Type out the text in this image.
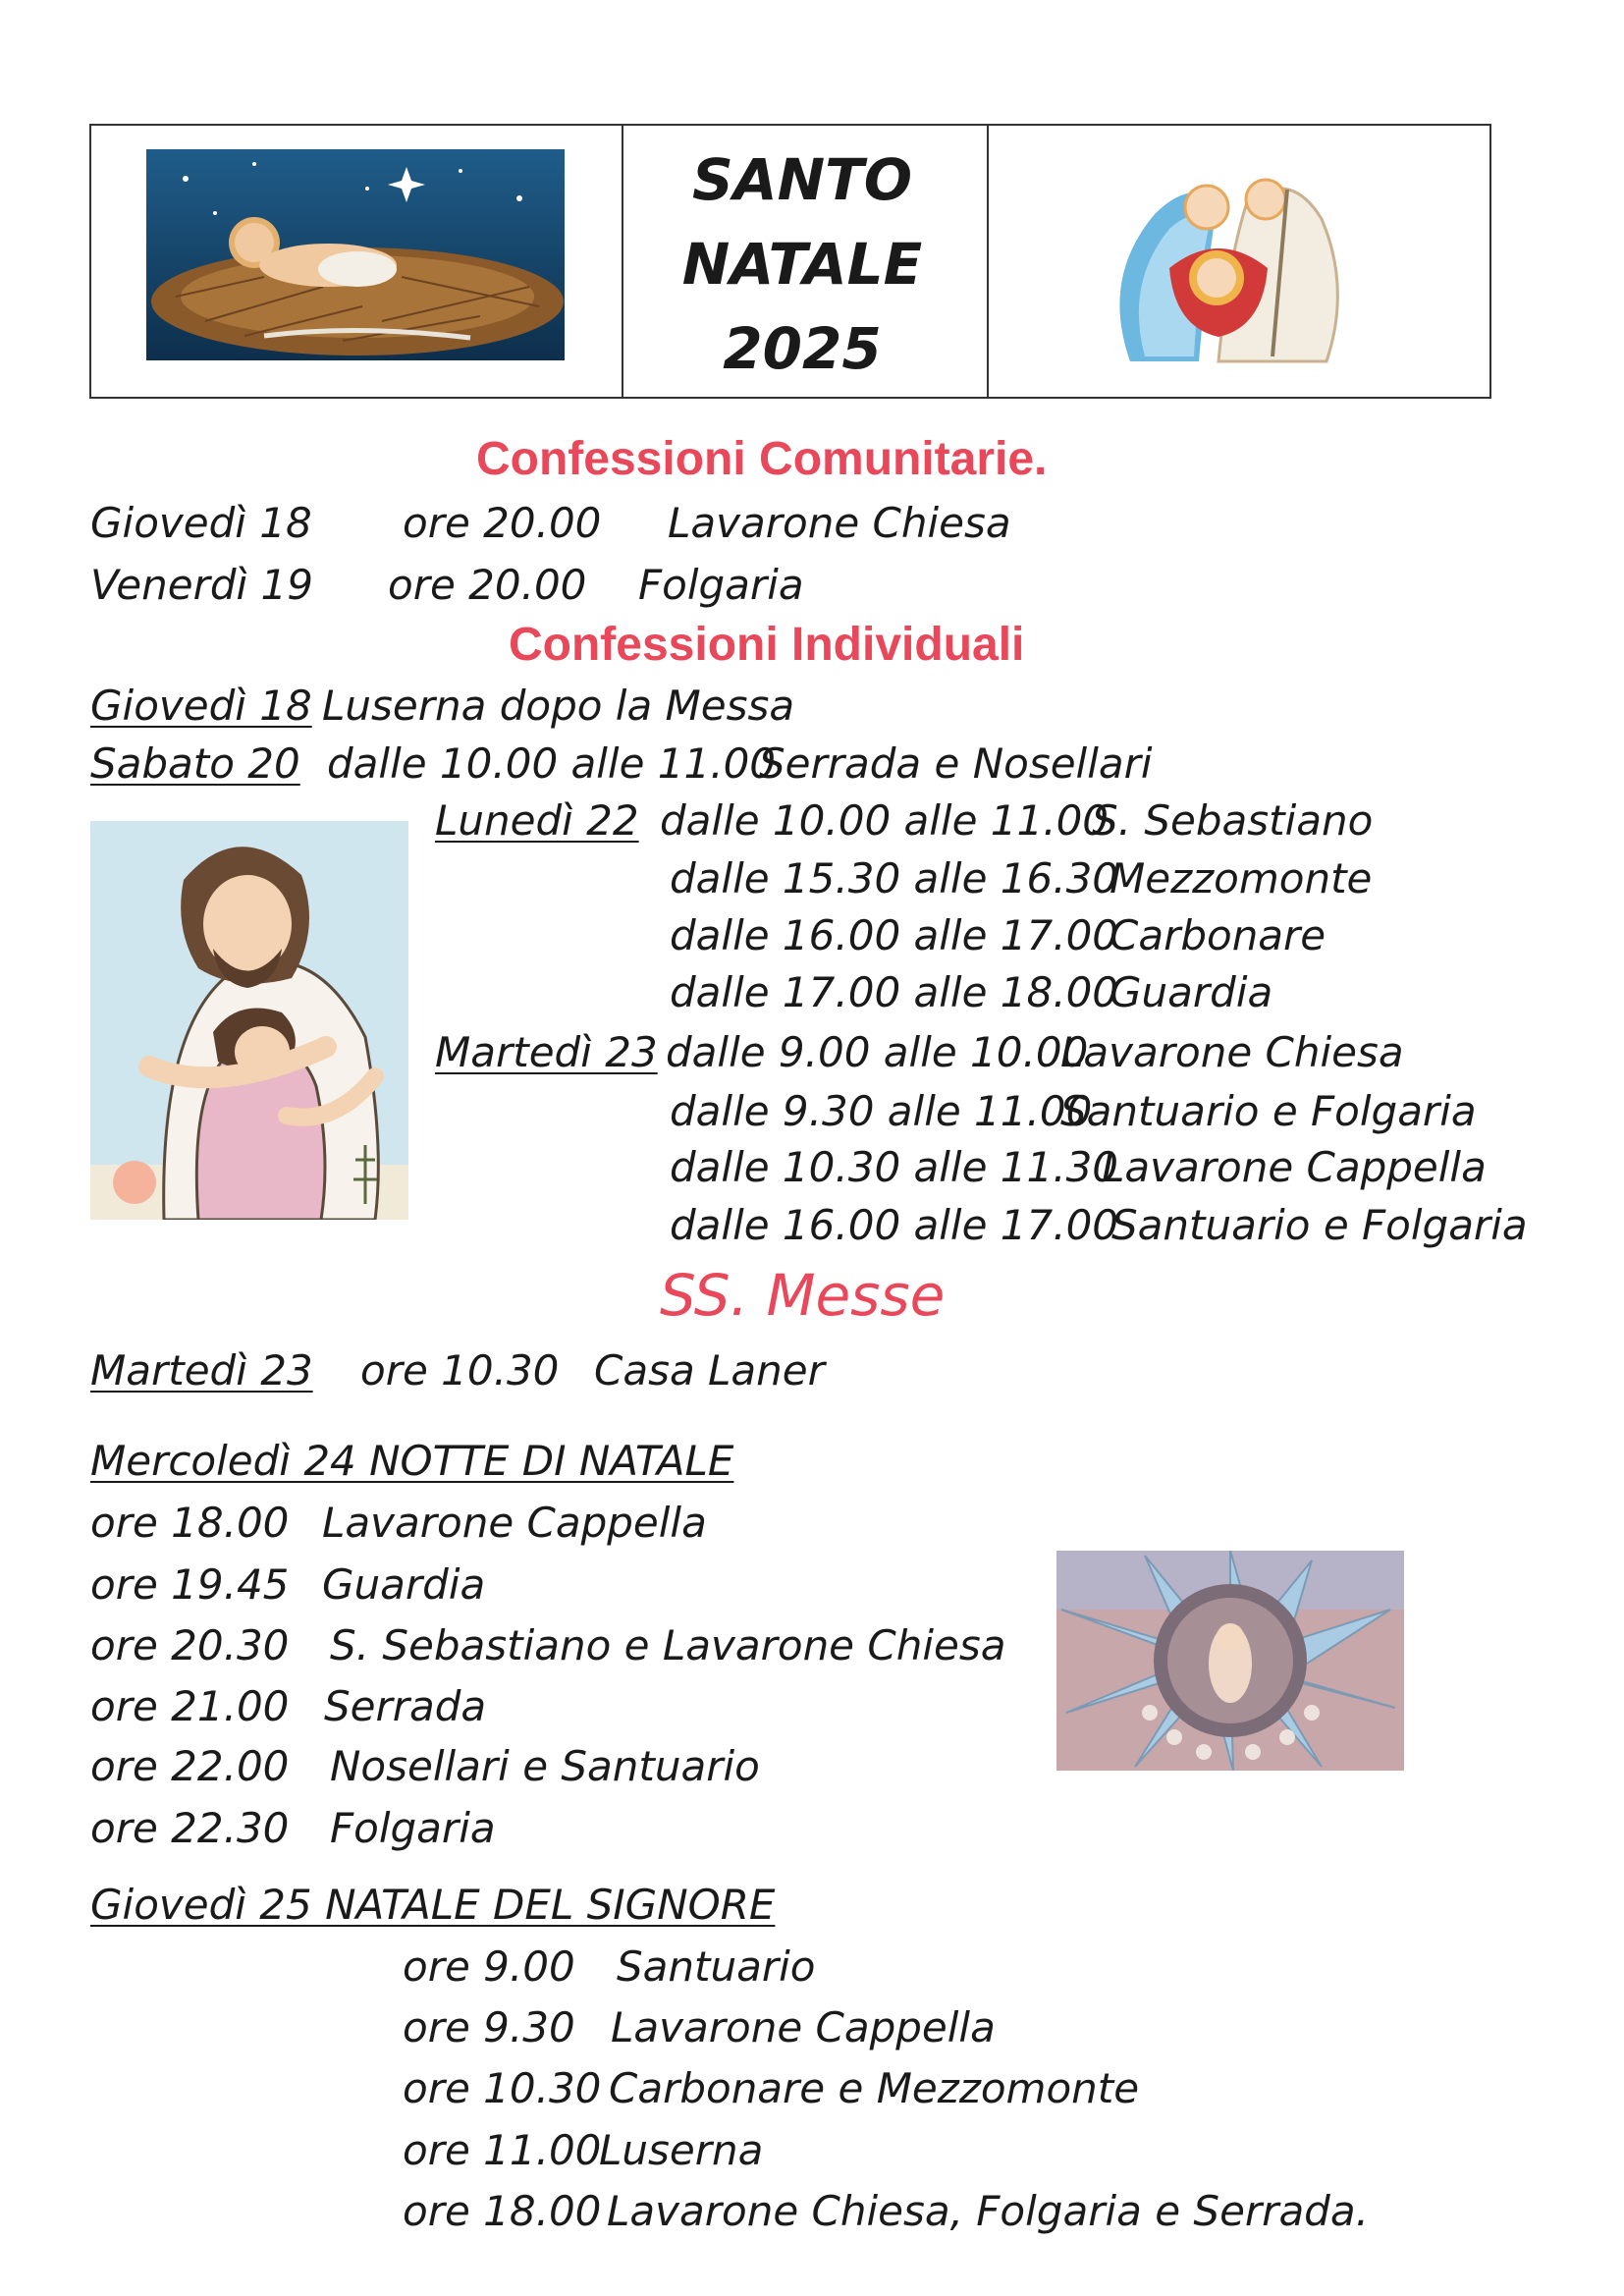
SANTO
NATALE
2025
Confessioni Comunitarie.
Giovedì 18 ore 20.00 Lavarone Chiesa
Venerdì 19 ore 20.00 Folgaria
Confessioni Individuali
Giovedì 18 Luserna dopo la Messa
Sabato 20 dalle 10.00 alle 11.00
Serrada e Nosellari
Lunedì 22 dalle 10.00 alle 11.00
S. Sebastiano
dalle 15.30 alle 16.30
Mezzomonte
dalle 16.00 alle 17.00
Carbonare
dalle 17.00 alle 18.00
Guardia
Martedì 23 dalle 9.00 alle 10.00
Lavarone Chiesa
dalle 9.30 alle 11.00
Santuario e Folgaria
dalle 10.30 alle 11.30
Lavarone Cappella
dalle 16.00 alle 17.00
Santuario e Folgaria
SS. Messe
Martedì 23 ore 10.30 Casa Laner
Mercoledì 24 NOTTE DI NATALE
ore 18.00 Lavarone Cappella
ore 19.45 Guardia
ore 20.30 S. Sebastiano e Lavarone Chiesa
ore 21.00 Serrada
ore 22.00 Nosellari e Santuario
ore 22.30 Folgaria
Giovedì 25 NATALE DEL SIGNORE
ore 9.00 Santuario
ore 9.30 Lavarone Cappella
ore 10.30 Carbonare e Mezzomonte
ore 11.00
Luserna
ore 18.00 Lavarone Chiesa, Folgaria e Serrada.
